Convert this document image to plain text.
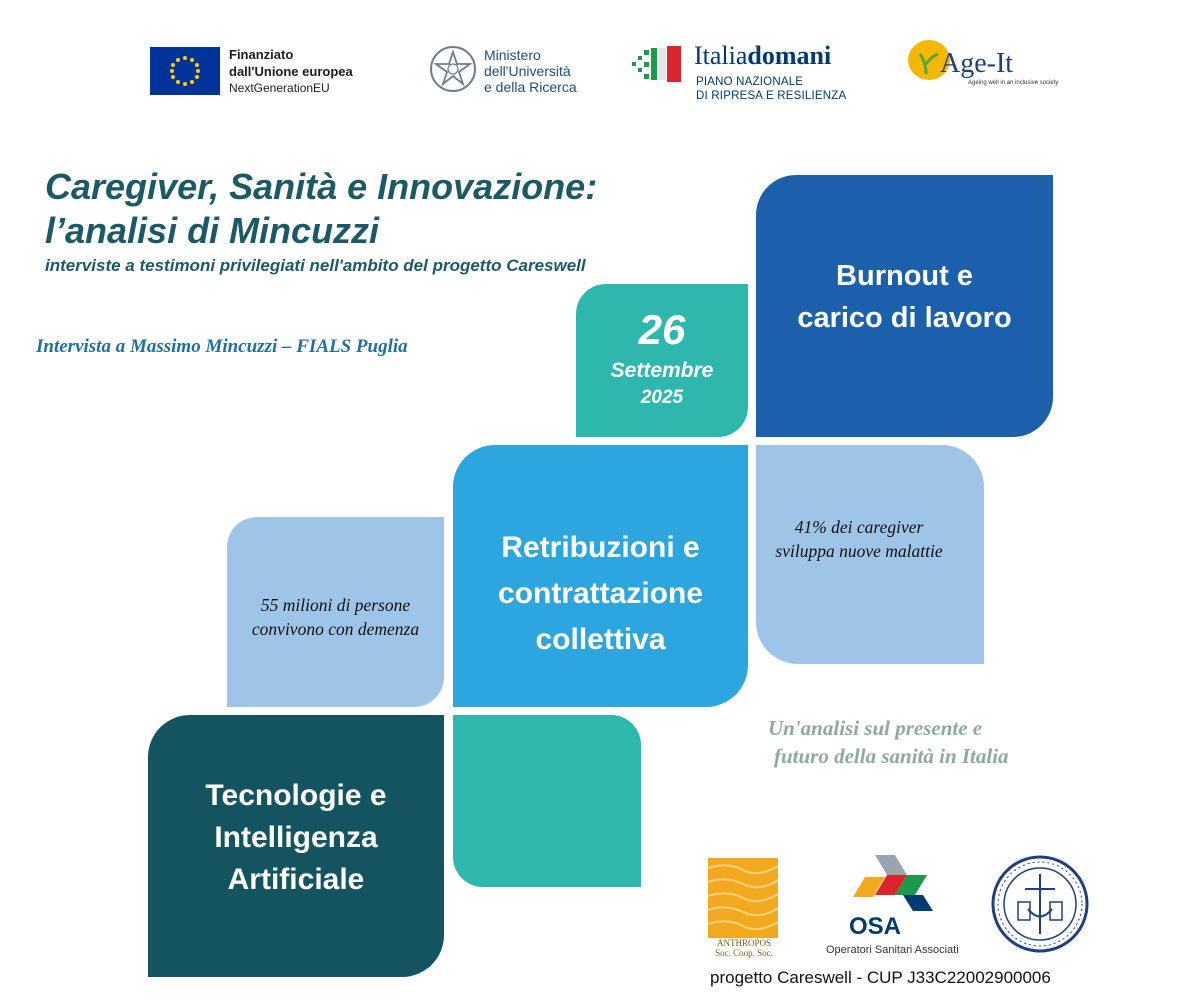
Finanziato
dall'Unione europea
NextGenerationEU
Ministero
dell'Università
e della Ricerca
Italiadomani
PIANO NAZIONALE
DI RIPRESA E RESILIENZA
Age-It
Ageing well in an inclusive society
Caregiver, Sanità e Innovazione:
l’analisi di Mincuzzi
interviste a testimoni privilegiati nell'ambito del progetto Careswell
Intervista a Massimo Mincuzzi – FIALS Puglia
Burnout e
carico di lavoro
26
Settembre
2025
Retribuzioni e
contrattazione
collettiva
41% dei caregiver
sviluppa nuove malattie
55 milioni di persone
convivono con demenza
Tecnologie e
Intelligenza
Artificiale
Un'analisi sul presente e
futuro della sanità in Italia
ANTHROPOS
Soc. Coop. Soc.
OSA
Operatori Sanitari Associati
progetto Careswell - CUP J33C22002900006
